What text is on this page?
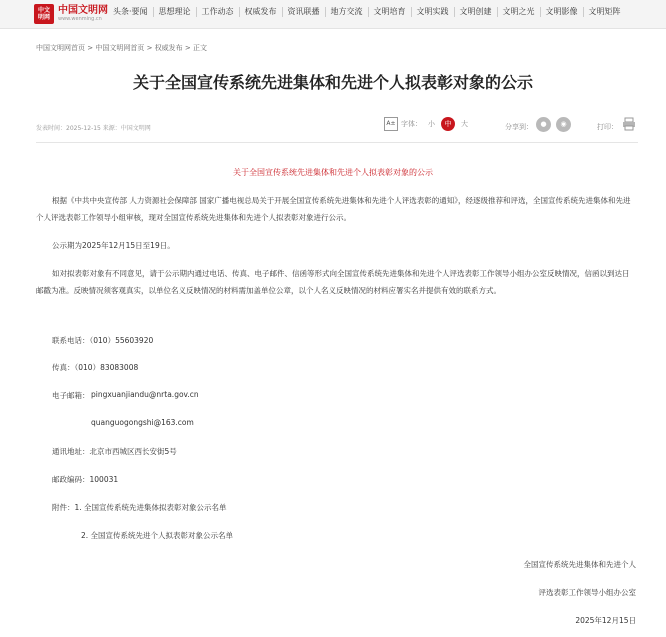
中文
明网
中国文明网
www.wenming.cn
头条·要闻	思想理论	工作动态	权威发布	资讯联播	地方交流	文明培育	文明实践	文明创建	文明之光	文明影像	文明矩阵
中国文明网首页 > 中国文明网首页 > 权威发布 > 正文
关于全国宣传系统先进集体和先进个人拟表彰对象的公示
发表时间：2025-12-15 来源：中国文明网
A± 字体： 小	中	大	分享到：	●	◉	打印：
关于全国宣传系统先进集体和先进个人拟表彰对象的公示
根据《中共中央宣传部 人力资源社会保障部 国家广播电视总局关于开展全国宣传系统先进集体和先进个人评选表彰的通知》，经逐级推荐和评选，全国宣传系统先进集体和先进个人评选表彰工作领导小组审核，现对全国宣传系统先进集体和先进个人拟表彰对象进行公示。
公示期为2025年12月15日至19日。
如对拟表彰对象有不同意见，请于公示期内通过电话、传真、电子邮件、信函等形式向全国宣传系统先进集体和先进个人评选表彰工作领导小组办公室反映情况，信函以到达日邮戳为准。反映情况须客观真实，以单位名义反映情况的材料需加盖单位公章，以个人名义反映情况的材料应署实名并提供有效的联系方式。
联系电话：（010）55603920
传真：（010）83083008
电子邮箱： pingxuanjiandu@nrta.gov.cn
quanguogongshi@163.com
通讯地址：北京市西城区西长安街5号
邮政编码：100031
附件：1. 全国宣传系统先进集体拟表彰对象公示名单
2. 全国宣传系统先进个人拟表彰对象公示名单
全国宣传系统先进集体和先进个人
评选表彰工作领导小组办公室
2025年12月15日
